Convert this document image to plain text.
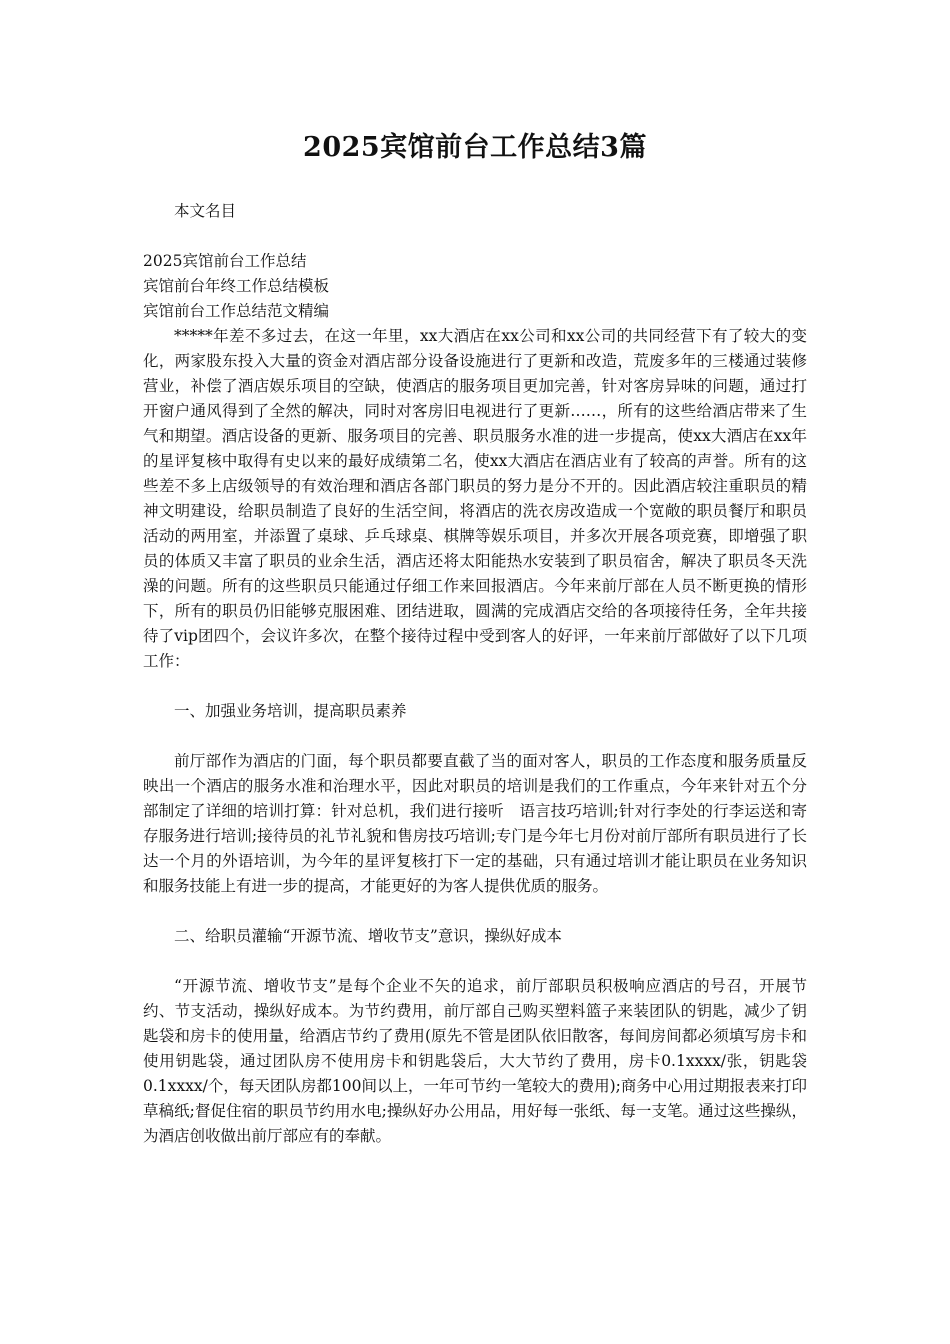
2025宾馆前台工作总结3篇

本文名目

2025宾馆前台工作总结
宾馆前台年终工作总结模板
宾馆前台工作总结范文精编

*****年差不多过去，在这一年里，xx大酒店在xx公司和xx公司的共同经营下有了较大的变化，两家股东投入大量的资金对酒店部分设备设施进行了更新和改造，荒废多年的三楼通过装修营业，补偿了酒店娱乐项目的空缺，使酒店的服务项目更加完善，针对客房异味的问题，通过打开窗户通风得到了全然的解决，同时对客房旧电视进行了更新……，所有的这些给酒店带来了生气和期望。酒店设备的更新、服务项目的完善、职员服务水准的进一步提高，使xx大酒店在xx年的星评复核中取得有史以来的最好成绩第二名，使xx大酒店在酒店业有了较高的声誉。所有的这些差不多上店级领导的有效治理和酒店各部门职员的努力是分不开的。因此酒店较注重职员的精神文明建设，给职员制造了良好的生活空间，将酒店的洗衣房改造成一个宽敞的职员餐厅和职员活动的两用室，并添置了桌球、乒乓球桌、棋牌等娱乐项目，并多次开展各项竞赛，即增强了职员的体质又丰富了职员的业余生活，酒店还将太阳能热水安装到了职员宿舍，解决了职员冬天洗澡的问题。所有的这些职员只能通过仔细工作来回报酒店。今年来前厅部在人员不断更换的情形下，所有的职员仍旧能够克服困难、团结进取，圆满的完成酒店交给的各项接待任务，全年共接待了vip团四个，会议许多次，在整个接待过程中受到客人的好评，一年来前厅部做好了以下几项工作：

一、加强业务培训，提高职员素养

前厅部作为酒店的门面，每个职员都要直截了当的面对客人，职员的工作态度和服务质量反映出一个酒店的服务水准和治理水平，因此对职员的培训是我们的工作重点，今年来针对五个分部制定了详细的培训打算：针对总机，我们进行接听　语言技巧培训;针对行李处的行李运送和寄存服务进行培训;接待员的礼节礼貌和售房技巧培训;专门是今年七月份对前厅部所有职员进行了长达一个月的外语培训，为今年的星评复核打下一定的基础，只有通过培训才能让职员在业务知识和服务技能上有进一步的提高，才能更好的为客人提供优质的服务。

二、给职员灌输“开源节流、增收节支”意识，操纵好成本

“开源节流、增收节支”是每个企业不矢的追求，前厅部职员积极响应酒店的号召，开展节约、节支活动，操纵好成本。为节约费用，前厅部自己购买塑料篮子来装团队的钥匙，减少了钥匙袋和房卡的使用量，给酒店节约了费用(原先不管是团队依旧散客，每间房间都必须填写房卡和使用钥匙袋，通过团队房不使用房卡和钥匙袋后，大大节约了费用，房卡0.1xxxx/张，钥匙袋0.1xxxx/个，每天团队房都100间以上，一年可节约一笔较大的费用);商务中心用过期报表来打印草稿纸;督促住宿的职员节约用水电;操纵好办公用品，用好每一张纸、每一支笔。通过这些操纵，为酒店创收做出前厅部应有的奉献。
